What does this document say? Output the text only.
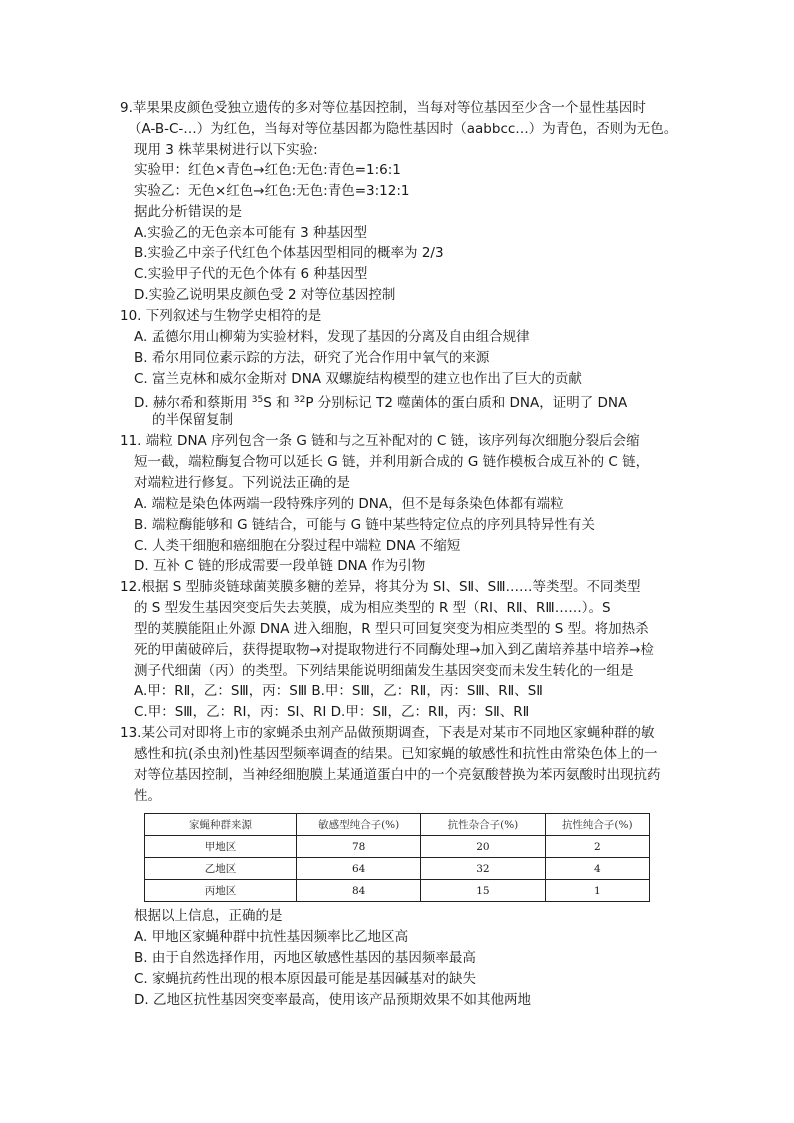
9.苹果果皮颜色受独立遗传的多对等位基因控制，当每对等位基因至少含一个显性基因时
（A-B-C-…）为红色，当每对等位基因都为隐性基因时（aabbcc…）为青色，否则为无色。
现用 3 株苹果树进行以下实验:
实验甲：红色×青色→红色:无色:青色=1:6:1
实验乙：无色×红色→红色:无色:青色=3:12:1
据此分析错误的是
A.实验乙的无色亲本可能有 3 种基因型
B.实验乙中亲子代红色个体基因型相同的概率为 2/3
C.实验甲子代的无色个体有 6 种基因型
D.实验乙说明果皮颜色受 2 对等位基因控制
10. 下列叙述与生物学史相符的是
A. 孟德尔用山柳菊为实验材料，发现了基因的分离及自由组合规律
B. 希尔用同位素示踪的方法，研究了光合作用中氧气的来源
C. 富兰克林和威尔金斯对 DNA 双螺旋结构模型的建立也作出了巨大的贡献
D. 赫尔希和蔡斯用 $^{35}$S 和 $^{32}$P 分别标记 T2 噬菌体的蛋白质和 DNA，证明了 DNA
的半保留复制
11. 端粒 DNA 序列包含一条 G 链和与之互补配对的 C 链，该序列每次细胞分裂后会缩
短一截，端粒酶复合物可以延长 G 链，并利用新合成的 G 链作模板合成互补的 C 链，
对端粒进行修复。下列说法正确的是
A. 端粒是染色体两端一段特殊序列的 DNA，但不是每条染色体都有端粒
B. 端粒酶能够和 G 链结合，可能与 G 链中某些特定位点的序列具特异性有关
C. 人类干细胞和癌细胞在分裂过程中端粒 DNA 不缩短
D. 互补 C 链的形成需要一段单链 DNA 作为引物
12.根据 S 型肺炎链球菌荚膜多糖的差异，将其分为 SⅠ、SⅡ、SⅢ……等类型。不同类型
的 S 型发生基因突变后失去荚膜，成为相应类型的 R 型（RⅠ、RⅡ、RⅢ……）。S
型的荚膜能阻止外源 DNA 进入细胞，R 型只可回复突变为相应类型的 S 型。将加热杀
死的甲菌破碎后，获得提取物→对提取物进行不同酶处理→加入到乙菌培养基中培养→检
测子代细菌（丙）的类型。下列结果能说明细菌发生基因突变而未发生转化的一组是
A.甲：RⅡ，乙：SⅢ，丙：SⅢ B.甲：SⅢ，乙：RⅡ，丙：SⅢ、RⅡ、SⅡ
C.甲：SⅢ，乙：RⅠ，丙：SⅠ、RⅠ D.甲：SⅡ，乙：RⅡ，丙：SⅡ、RⅡ
13.某公司对即将上市的家蝇杀虫剂产品做预期调查，下表是对某市不同地区家蝇种群的敏
感性和抗(杀虫剂)性基因型频率调查的结果。已知家蝇的敏感性和抗性由常染色体上的一
对等位基因控制，当神经细胞膜上某通道蛋白中的一个亮氨酸替换为苯丙氨酸时出现抗药
性。
家蝇种群来源	敏感型纯合子(%)	抗性杂合子(%)	抗性纯合子(%)
甲地区	78	20	2
乙地区	64	32	4
丙地区	84	15	1
根据以上信息，正确的是
A. 甲地区家蝇种群中抗性基因频率比乙地区高
B. 由于自然选择作用，丙地区敏感性基因的基因频率最高
C. 家蝇抗药性出现的根本原因最可能是基因碱基对的缺失
D. 乙地区抗性基因突变率最高，使用该产品预期效果不如其他两地
